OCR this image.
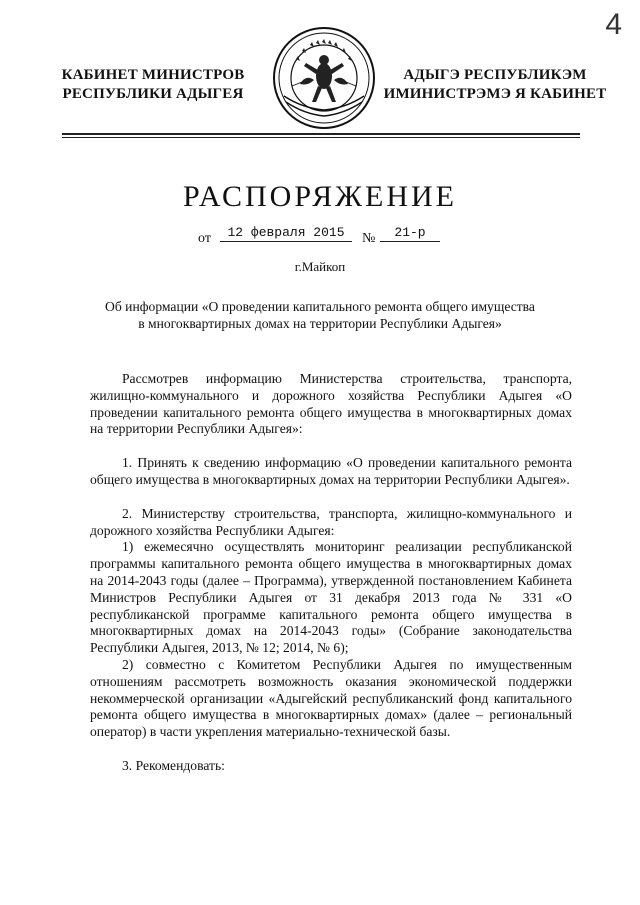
4
КАБИНЕТ МИНИСТРОВ
РЕСПУБЛИКИ АДЫГЕЯ
АДЫГЭ РЕСПУБЛИКЭМ
ИМИНИСТРЭМЭ Я КАБИНЕТ
РАСПОРЯЖЕНИЕ
от	12 февраля 2015	№	21-р
г.Майкоп
Об информации «О проведении капитального ремонта общего имущества
в многоквартирных домах на территории Республики Адыгея»

Рассмотрев информацию Министерства строительства, транспорта, жилищно-коммунального и дорожного хозяйства Республики Адыгея «О проведении капитального ремонта общего имущества в многоквартирных домах на территории Республики Адыгея»:

1. Принять к сведению информацию «О проведении капитального ремонта общего имущества в многоквартирных домах на территории Республики Адыгея».

2. Министерству строительства, транспорта, жилищно-коммунального и дорожного хозяйства Республики Адыгея:

1) ежемесячно осуществлять мониторинг реализации республиканской программы капитального ремонта общего имущества в многоквартирных домах на 2014-2043 годы (далее – Программа), утвержденной постановлением Кабинета Министров Республики Адыгея от 31 декабря 2013 года № 331 «О республиканской программе капитального ремонта общего имущества в многоквартирных домах на 2014-2043 годы» (Собрание законодательства Республики Адыгея, 2013, № 12; 2014, № 6);

2) совместно с Комитетом Республики Адыгея по имущественным отношениям рассмотреть возможность оказания экономической поддержки некоммерческой организации «Адыгейский республиканский фонд капитального ремонта общего имущества в многоквартирных домах» (далее – региональный оператор) в части укрепления материально-технической базы.

3. Рекомендовать:
